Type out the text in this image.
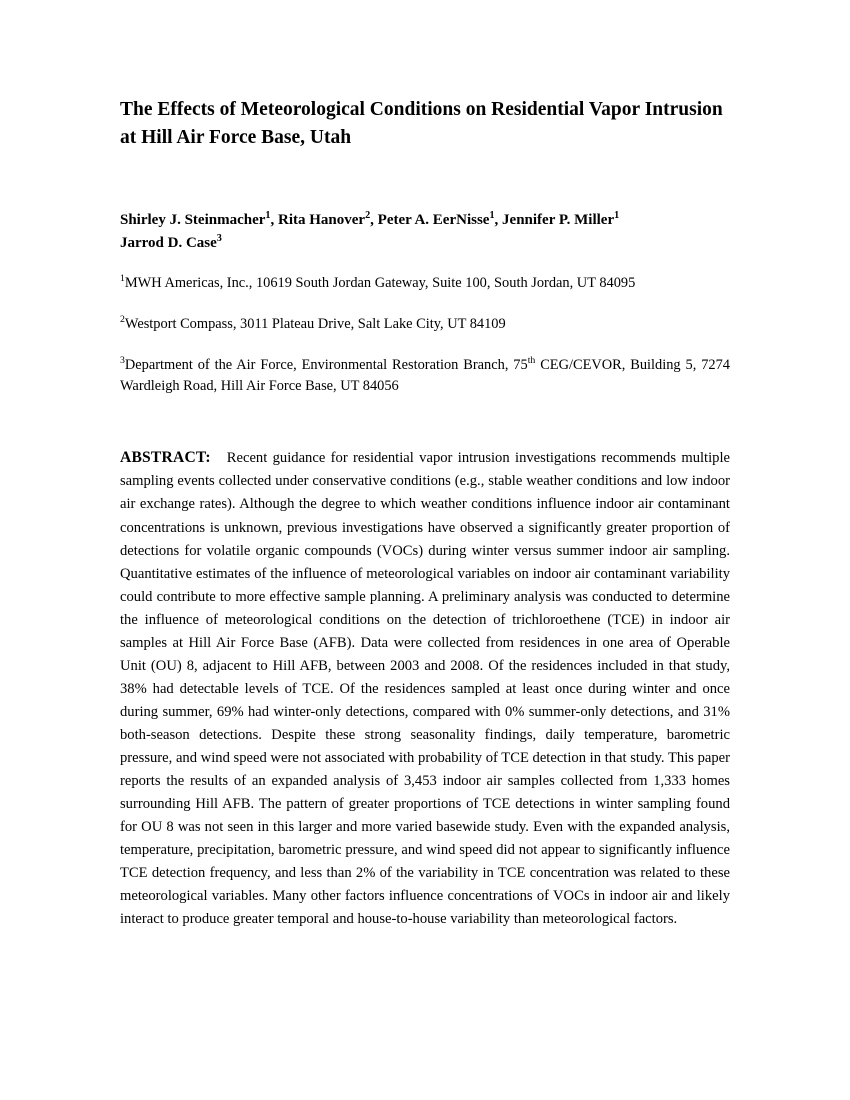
The Effects of Meteorological Conditions on Residential Vapor Intrusion at Hill Air Force Base, Utah
Shirley J. Steinmacher$^1$, Rita Hanover$^2$, Peter A. EerNisse$^1$, Jennifer P. Miller$^1$
Jarrod D. Case$^3$
$^1$MWH Americas, Inc., 10619 South Jordan Gateway, Suite 100, South Jordan, UT 84095
$^2$Westport Compass, 3011 Plateau Drive, Salt Lake City, UT 84109
$^3$Department of the Air Force, Environmental Restoration Branch, 75th CEG/CEVOR, Building 5, 7274 Wardleigh Road, Hill Air Force Base, UT 84056
ABSTRACT: Recent guidance for residential vapor intrusion investigations recommends multiple sampling events collected under conservative conditions (e.g., stable weather conditions and low indoor air exchange rates). Although the degree to which weather conditions influence indoor air contaminant concentrations is unknown, previous investigations have observed a significantly greater proportion of detections for volatile organic compounds (VOCs) during winter versus summer indoor air sampling. Quantitative estimates of the influence of meteorological variables on indoor air contaminant variability could contribute to more effective sample planning. A preliminary analysis was conducted to determine the influence of meteorological conditions on the detection of trichloroethene (TCE) in indoor air samples at Hill Air Force Base (AFB). Data were collected from residences in one area of Operable Unit (OU) 8, adjacent to Hill AFB, between 2003 and 2008. Of the residences included in that study, 38% had detectable levels of TCE. Of the residences sampled at least once during winter and once during summer, 69% had winter-only detections, compared with 0% summer-only detections, and 31% both-season detections. Despite these strong seasonality findings, daily temperature, barometric pressure, and wind speed were not associated with probability of TCE detection in that study. This paper reports the results of an expanded analysis of 3,453 indoor air samples collected from 1,333 homes surrounding Hill AFB. The pattern of greater proportions of TCE detections in winter sampling found for OU 8 was not seen in this larger and more varied basewide study. Even with the expanded analysis, temperature, precipitation, barometric pressure, and wind speed did not appear to significantly influence TCE detection frequency, and less than 2% of the variability in TCE concentration was related to these meteorological variables. Many other factors influence concentrations of VOCs in indoor air and likely interact to produce greater temporal and house-to-house variability than meteorological factors.
